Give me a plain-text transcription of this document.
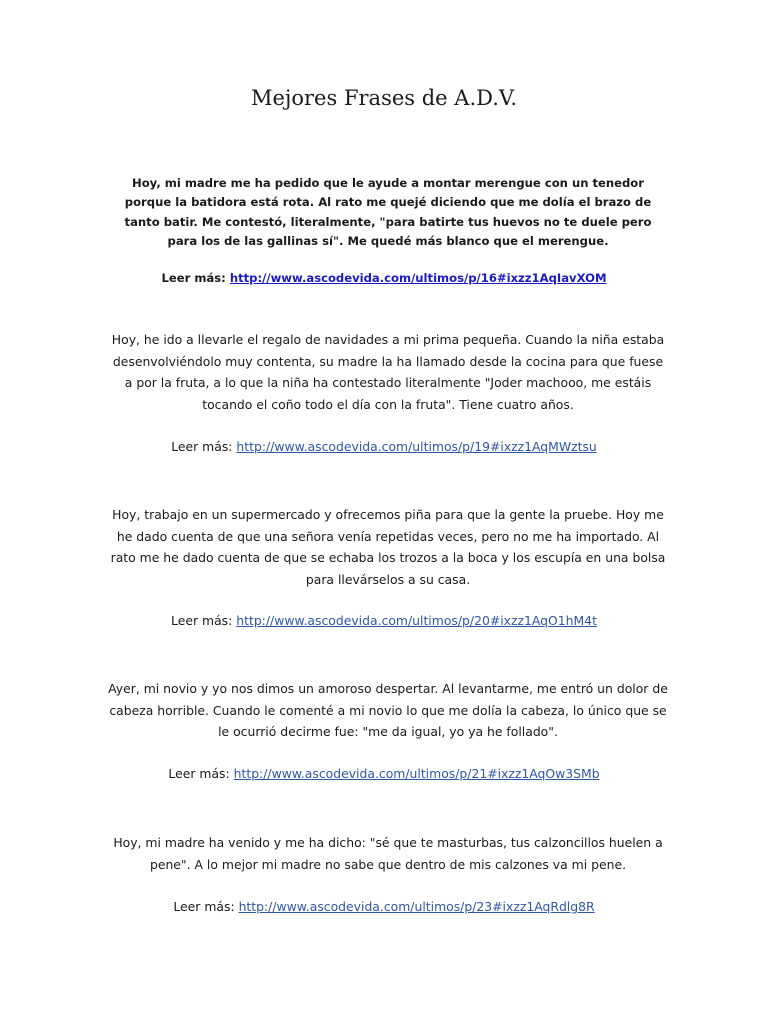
Mejores Frases de A.D.V.

Hoy, mi madre me ha pedido que le ayude a montar merengue con un tenedor porque la batidora está rota. Al rato me quejé diciendo que me dolía el brazo de tanto batir. Me contestó, literalmente, "para batirte tus huevos no te duele pero para los de las gallinas sí". Me quedé más blanco que el merengue.

Leer más: http://www.ascodevida.com/ultimos/p/16#ixzz1AqIavXOM

Hoy, he ido a llevarle el regalo de navidades a mi prima pequeña. Cuando la niña estaba desenvolviéndolo muy contenta, su madre la ha llamado desde la cocina para que fuese a por la fruta, a lo que la niña ha contestado literalmente "Joder machooo, me estáis tocando el coño todo el día con la fruta". Tiene cuatro años.

Leer más: http://www.ascodevida.com/ultimos/p/19#ixzz1AqMWztsu

Hoy, trabajo en un supermercado y ofrecemos piña para que la gente la pruebe. Hoy me he dado cuenta de que una señora venía repetidas veces, pero no me ha importado. Al rato me he dado cuenta de que se echaba los trozos a la boca y los escupía en una bolsa para llevárselos a su casa.

Leer más: http://www.ascodevida.com/ultimos/p/20#ixzz1AqO1hM4t

Ayer, mi novio y yo nos dimos un amoroso despertar. Al levantarme, me entró un dolor de cabeza horrible. Cuando le comenté a mi novio lo que me dolía la cabeza, lo único que se le ocurrió decirme fue: "me da igual, yo ya he follado".

Leer más: http://www.ascodevida.com/ultimos/p/21#ixzz1AqOw3SMb

Hoy, mi madre ha venido y me ha dicho: "sé que te masturbas, tus calzoncillos huelen a pene". A lo mejor mi madre no sabe que dentro de mis calzones va mi pene.

Leer más: http://www.ascodevida.com/ultimos/p/23#ixzz1AqRdlg8R
